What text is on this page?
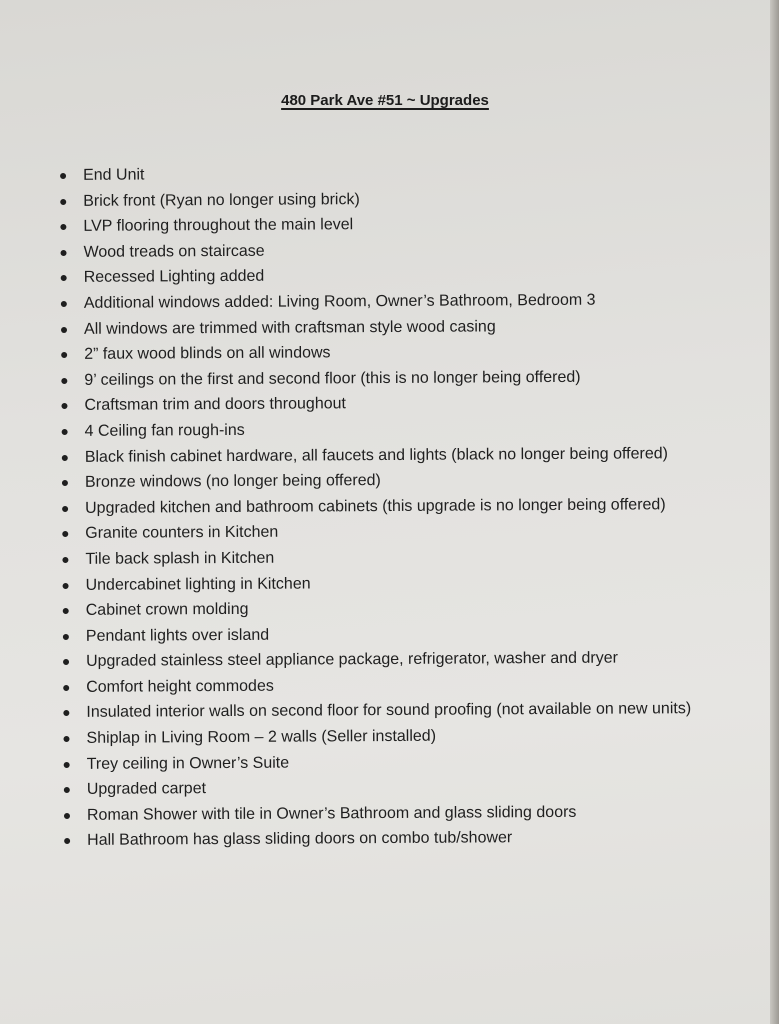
480 Park Ave #51 ~ Upgrades
End Unit
Brick front (Ryan no longer using brick)
LVP flooring throughout the main level
Wood treads on staircase
Recessed Lighting added
Additional windows added: Living Room, Owner’s Bathroom, Bedroom 3
All windows are trimmed with craftsman style wood casing
2” faux wood blinds on all windows
9’ ceilings on the first and second floor (this is no longer being offered)
Craftsman trim and doors throughout
4 Ceiling fan rough-ins
Black finish cabinet hardware, all faucets and lights (black no longer being offered)
Bronze windows (no longer being offered)
Upgraded kitchen and bathroom cabinets (this upgrade is no longer being offered)
Granite counters in Kitchen
Tile back splash in Kitchen
Undercabinet lighting in Kitchen
Cabinet crown molding
Pendant lights over island
Upgraded stainless steel appliance package, refrigerator, washer and dryer
Comfort height commodes
Insulated interior walls on second floor for sound proofing (not available on new units)
Shiplap in Living Room – 2 walls (Seller installed)
Trey ceiling in Owner’s Suite
Upgraded carpet
Roman Shower with tile in Owner’s Bathroom and glass sliding doors
Hall Bathroom has glass sliding doors on combo tub/shower
